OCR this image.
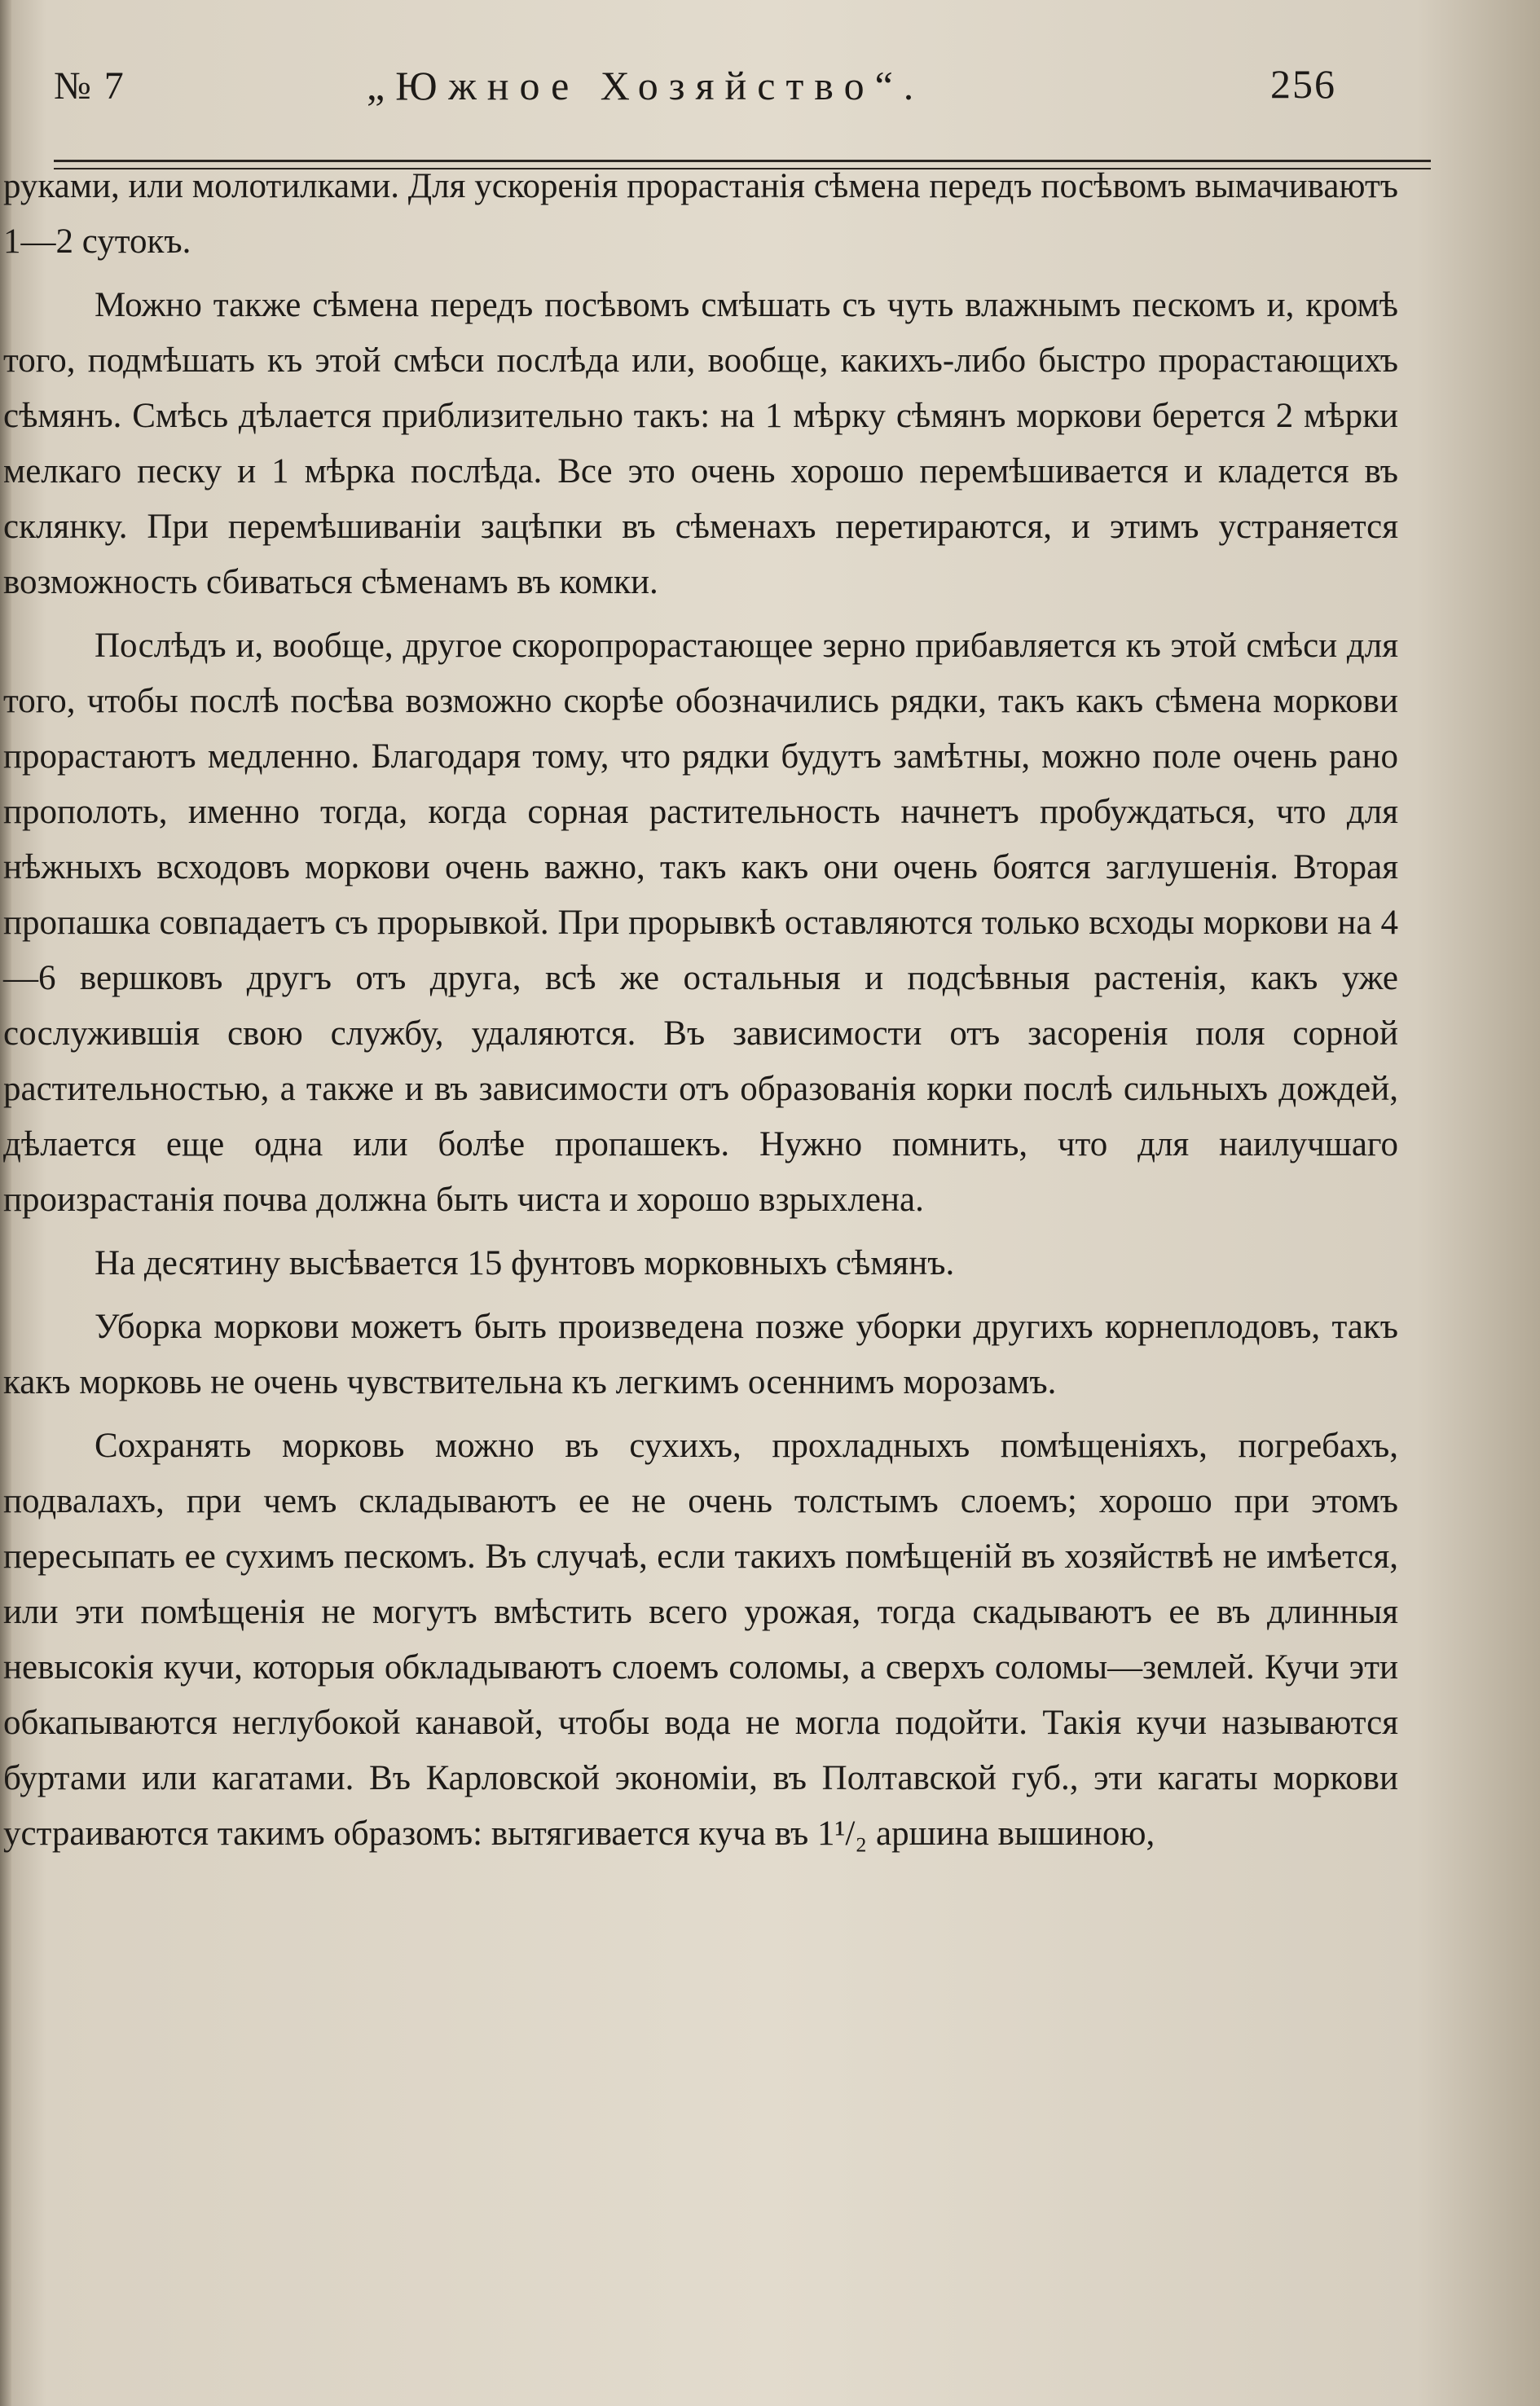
№ 7	„Южное Хозяйство“.	256

руками, или молотилками. Для ускоренія прорастанія сѣмена передъ посѣвомъ вымачиваютъ 1—2 сутокъ.

Можно также сѣмена передъ посѣвомъ смѣшать съ чуть влажнымъ пескомъ и, кромѣ того, подмѣшать къ этой смѣси послѣда или, вообще, какихъ-либо быстро прорастающихъ сѣмянъ. Смѣсь дѣлается приблизительно такъ: на 1 мѣрку сѣмянъ моркови берется 2 мѣрки мелкаго песку и 1 мѣрка послѣда. Все это очень хорошо перемѣшивается и кладется въ склянку. При перемѣшиваніи зацѣпки въ сѣменахъ перетираются, и этимъ устраняется возможность сбиваться сѣменамъ въ комки.

Послѣдъ и, вообще, другое скоропрорастающее зерно прибавляется къ этой смѣси для того, чтобы послѣ посѣва возможно скорѣе обозначились рядки, такъ какъ сѣмена моркови прорастаютъ медленно. Благодаря тому, что рядки будутъ замѣтны, можно поле очень рано прополоть, именно тогда, когда сорная растительность начнетъ пробуждаться, что для нѣжныхъ всходовъ моркови очень важно, такъ какъ они очень боятся заглушенія. Вторая пропашка совпадаетъ съ прорывкой. При прорывкѣ оставляются только всходы моркови на 4—6 вершковъ другъ отъ друга, всѣ же остальныя и подсѣвныя растенія, какъ уже сослужившія свою службу, удаляются. Въ зависимости отъ засоренія поля сорной растительностью, а также и въ зависимости отъ образованія корки послѣ сильныхъ дождей, дѣлается еще одна или болѣе пропашекъ. Нужно помнить, что для наилучшаго произрастанія почва должна быть чиста и хорошо взрыхлена.

На десятину высѣвается 15 фунтовъ морковныхъ сѣмянъ.

Уборка моркови можетъ быть произведена позже уборки другихъ корнеплодовъ, такъ какъ морковь не очень чувствительна къ легкимъ осеннимъ морозамъ.

Сохранять морковь можно въ сухихъ, прохладныхъ помѣщеніяхъ, погребахъ, подвалахъ, при чемъ складываютъ ее не очень толстымъ слоемъ; хорошо при этомъ пересыпать ее сухимъ пескомъ. Въ случаѣ, если такихъ помѣщеній въ хозяйствѣ не имѣется, или эти помѣщенія не могутъ вмѣстить всего урожая, тогда скадываютъ ее въ длинныя невысокія кучи, которыя обкладываютъ слоемъ соломы, а сверхъ соломы—землей. Кучи эти обкапываются неглубокой канавой, чтобы вода не могла подойти. Такія кучи называются буртами или кагатами. Въ Карловской экономіи, въ Полтавской губ., эти кагаты моркови устраиваются такимъ образомъ: вытягивается куча въ 1¹/₂ аршина вышиною,
